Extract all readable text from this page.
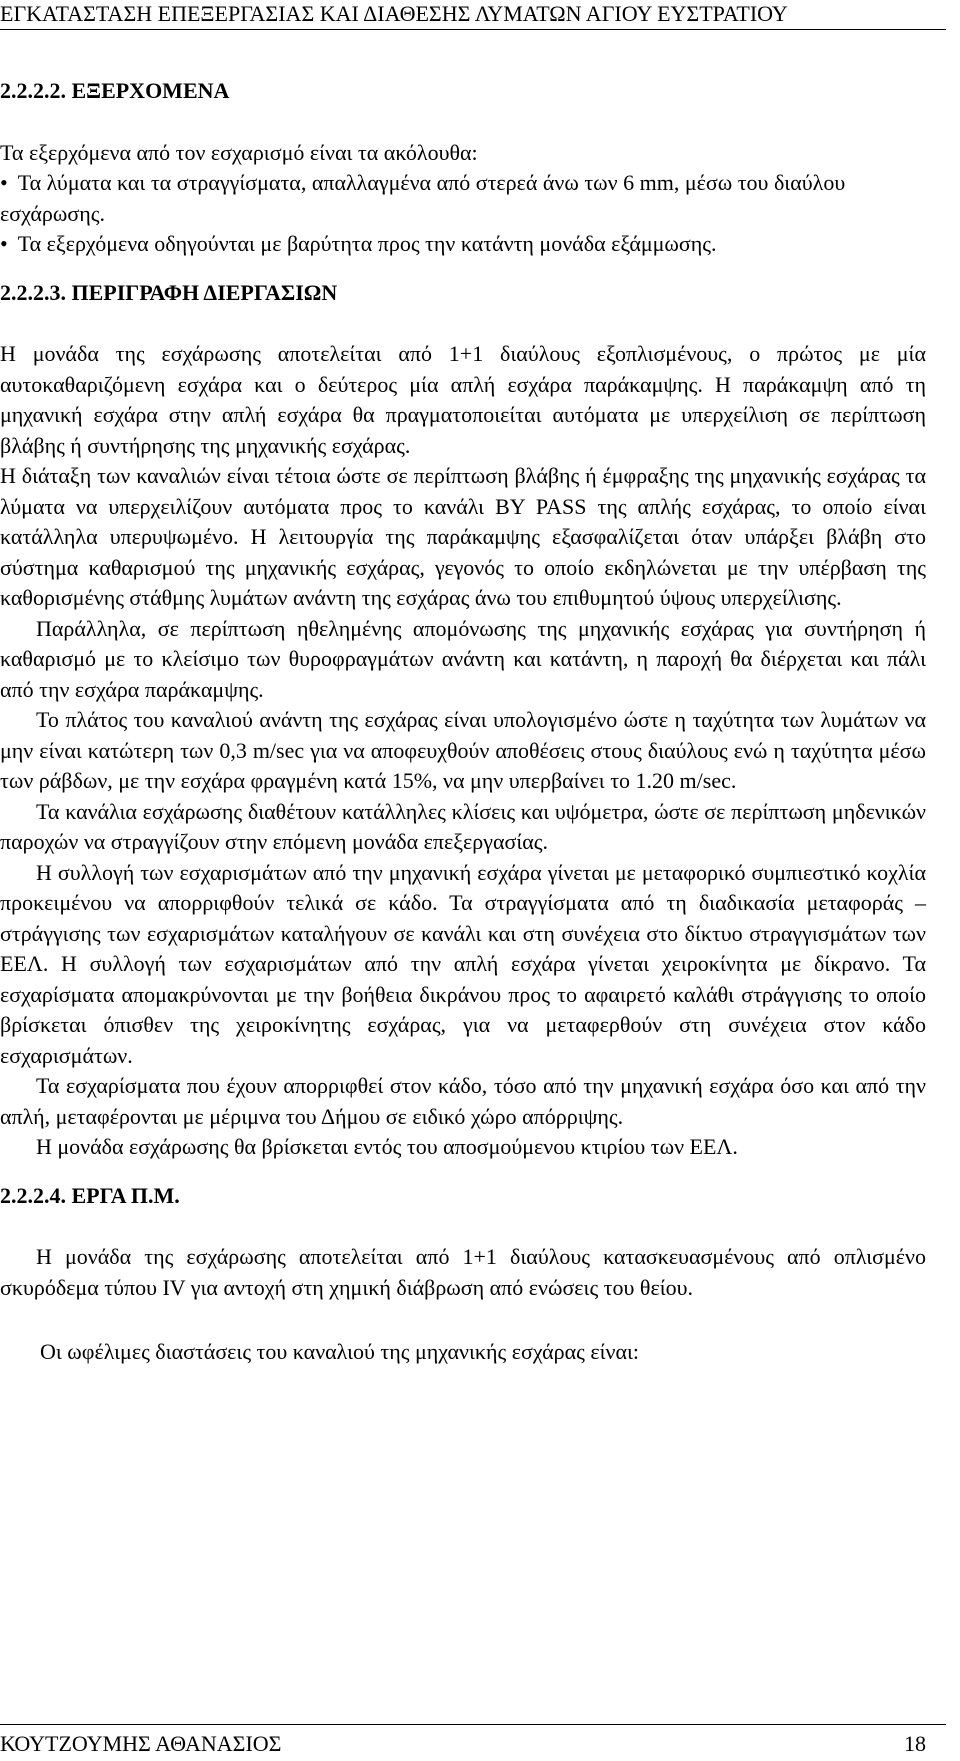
ΕΓΚΑΤΑΣΤΑΣΗ ΕΠΕΞΕΡΓΑΣΙΑΣ ΚΑΙ ΔΙΑΘΕΣΗΣ ΛΥΜΑΤΩΝ ΑΓΙΟΥ ΕΥΣΤΡΑΤΙΟΥ

2.2.2.2. ΕΞΕΡΧΟΜΕΝΑ

Τα εξερχόμενα από τον εσχαρισμό είναι τα ακόλουθα:

• Τα λύματα και τα στραγγίσματα, απαλλαγμένα από στερεά άνω των 6 mm, μέσω του διαύλου εσχάρωσης.
• Τα εξερχόμενα οδηγούνται με βαρύτητα προς την κατάντη μονάδα εξάμμωσης.

2.2.2.3. ΠΕΡΙΓΡΑΦΗ ΔΙΕΡΓΑΣΙΩΝ

Η μονάδα της εσχάρωσης αποτελείται από 1+1 διαύλους εξοπλισμένους, ο πρώτος με μία αυτοκαθαριζόμενη εσχάρα και ο δεύτερος μία απλή εσχάρα παράκαμψης. Η παράκαμψη από τη μηχανική εσχάρα στην απλή εσχάρα θα πραγματοποιείται αυτόματα με υπερχείλιση σε περίπτωση βλάβης ή συντήρησης της μηχανικής εσχάρας.

Η διάταξη των καναλιών είναι τέτοια ώστε σε περίπτωση βλάβης ή έμφραξης της μηχανικής εσχάρας τα λύματα να υπερχειλίζουν αυτόματα προς το κανάλι BY PASS της απλής εσχάρας, το οποίο είναι κατάλληλα υπερυψωμένο. Η λειτουργία της παράκαμψης εξασφαλίζεται όταν υπάρξει βλάβη στο σύστημα καθαρισμού της μηχανικής εσχάρας, γεγονός το οποίο εκδηλώνεται με την υπέρβαση της καθορισμένης στάθμης λυμάτων ανάντη της εσχάρας άνω του επιθυμητού ύψους υπερχείλισης.

Παράλληλα, σε περίπτωση ηθελημένης απομόνωσης της μηχανικής εσχάρας για συντήρηση ή καθαρισμό με το κλείσιμο των θυροφραγμάτων ανάντη και κατάντη, η παροχή θα διέρχεται και πάλι από την εσχάρα παράκαμψης.

Το πλάτος του καναλιού ανάντη της εσχάρας είναι υπολογισμένο ώστε η ταχύτητα των λυμάτων να μην είναι κατώτερη των 0,3 m/sec για να αποφευχθούν αποθέσεις στους διαύλους ενώ η ταχύτητα μέσω των ράβδων, με την εσχάρα φραγμένη κατά 15%, να μην υπερβαίνει το 1.20 m/sec.

Τα κανάλια εσχάρωσης διαθέτουν κατάλληλες κλίσεις και υψόμετρα, ώστε σε περίπτωση μηδενικών παροχών να στραγγίζουν στην επόμενη μονάδα επεξεργασίας.

Η συλλογή των εσχαρισμάτων από την μηχανική εσχάρα γίνεται με μεταφορικό συμπιεστικό κοχλία προκειμένου να απορριφθούν τελικά σε κάδο. Τα στραγγίσματα από τη διαδικασία μεταφοράς – στράγγισης των εσχαρισμάτων καταλήγουν σε κανάλι και στη συνέχεια στο δίκτυο στραγγισμάτων των ΕΕΛ. Η συλλογή των εσχαρισμάτων από την απλή εσχάρα γίνεται χειροκίνητα με δίκρανο. Τα εσχαρίσματα απομακρύνονται με την βοήθεια δικράνου προς το αφαιρετό καλάθι στράγγισης το οποίο βρίσκεται όπισθεν της χειροκίνητης εσχάρας, για να μεταφερθούν στη συνέχεια στον κάδο εσχαρισμάτων.

Τα εσχαρίσματα που έχουν απορριφθεί στον κάδο, τόσο από την μηχανική εσχάρα όσο και από την απλή, μεταφέρονται με μέριμνα του Δήμου σε ειδικό χώρο απόρριψης.

Η μονάδα εσχάρωσης θα βρίσκεται εντός του αποσμούμενου κτιρίου των ΕΕΛ.

2.2.2.4. ΕΡΓΑ Π.Μ.

Η μονάδα της εσχάρωσης αποτελείται από 1+1 διαύλους κατασκευασμένους από οπλισμένο σκυρόδεμα τύπου IV για αντοχή στη χημική διάβρωση από ενώσεις του θείου.

Οι ωφέλιμες διαστάσεις του καναλιού της μηχανικής εσχάρας είναι:

ΚΟΥΤΖΟΥΜΗΣ ΑΘΑΝΑΣΙΟΣ	18
